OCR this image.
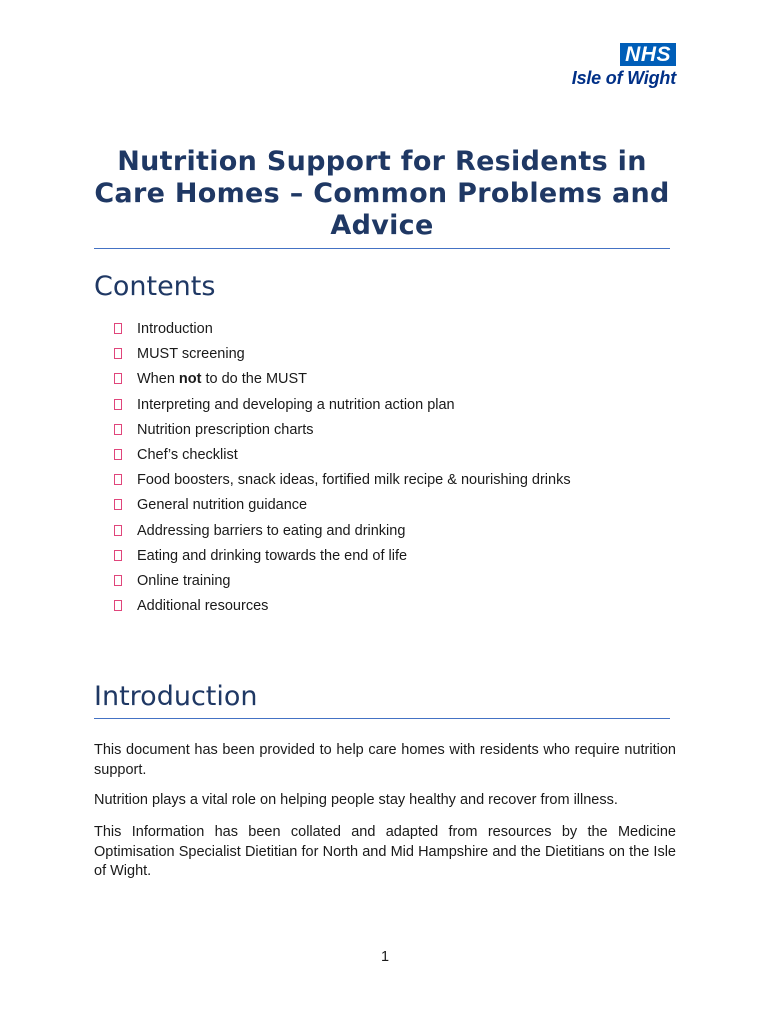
NHS
Isle of Wight
Nutrition Support for Residents in Care Homes – Common Problems and Advice
Contents
Introduction
MUST screening
When not to do the MUST
Interpreting and developing a nutrition action plan
Nutrition prescription charts
Chef’s checklist
Food boosters, snack ideas, fortified milk recipe & nourishing drinks
General nutrition guidance
Addressing barriers to eating and drinking
Eating and drinking towards the end of life
Online training
Additional resources
Introduction

This document has been provided to help care homes with residents who require nutrition support.

Nutrition plays a vital role on helping people stay healthy and recover from illness.

This Information has been collated and adapted from resources by the Medicine Optimisation Specialist Dietitian for North and Mid Hampshire and the Dietitians on the Isle of Wight.

1
